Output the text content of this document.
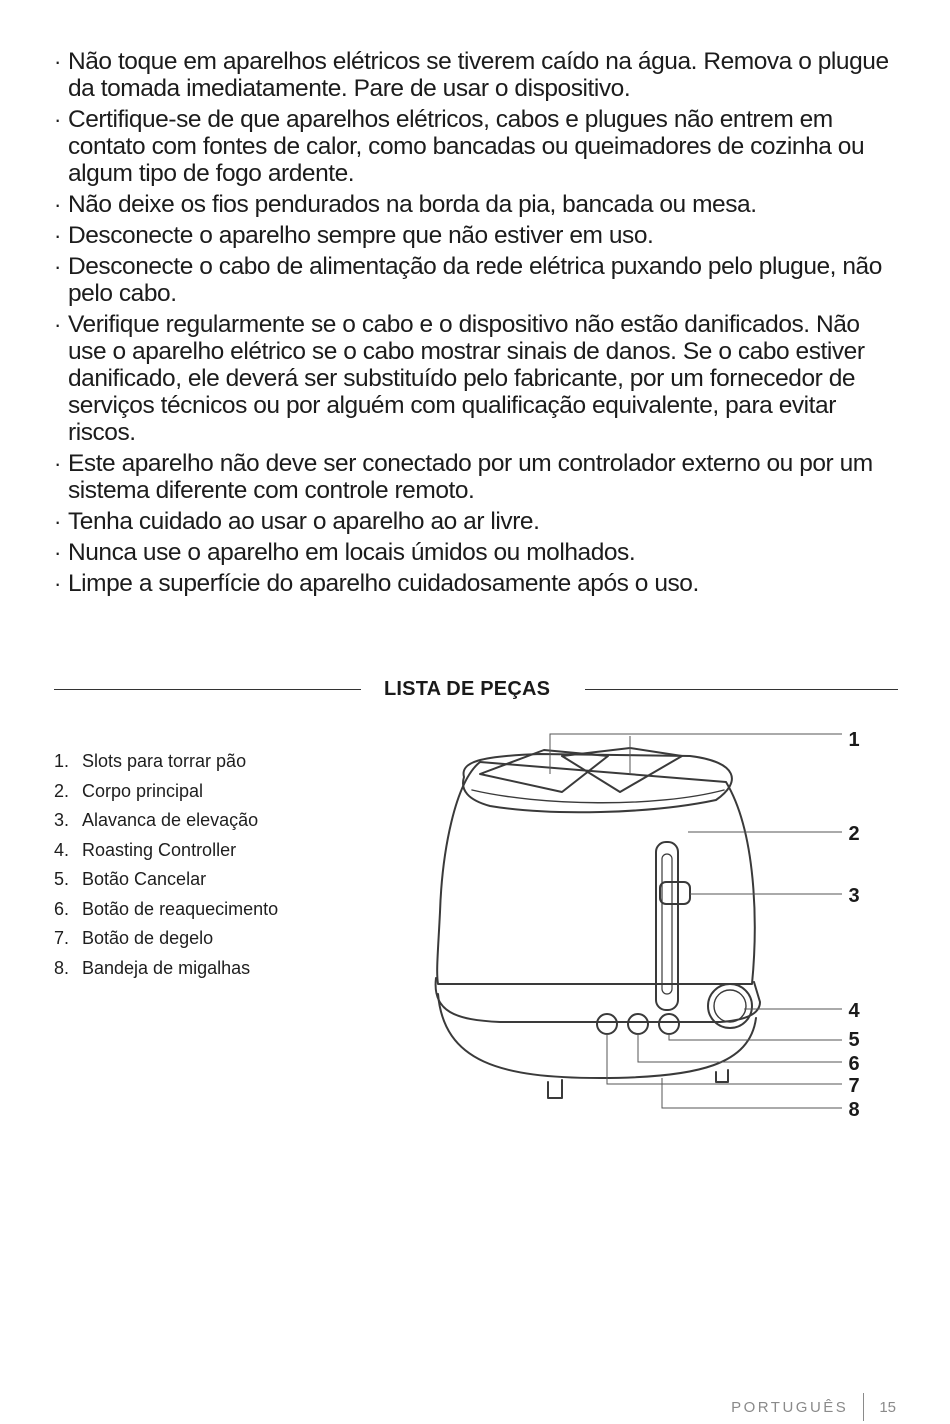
· Não toque em aparelhos elétricos se tiverem caído na água. Remova o plugue da tomada imediatamente. Pare de usar o dispositivo.
· Certifique-se de que aparelhos elétricos, cabos e plugues não entrem em contato com fontes de calor, como bancadas ou queimadores de cozinha ou algum tipo de fogo ardente.
· Não deixe os fios pendurados na borda da pia, bancada ou mesa.
· Desconecte o aparelho sempre que não estiver em uso.
· Desconecte o cabo de alimentação da rede elétrica puxando pelo plugue, não pelo cabo.
· Verifique regularmente se o cabo e o dispositivo não estão danificados. Não use o aparelho elétrico se o cabo mostrar sinais de danos. Se o cabo estiver danificado, ele deverá ser substituído pelo fabricante, por um fornecedor de serviços técnicos ou por alguém com qualificação equivalente, para evitar riscos.
· Este aparelho não deve ser conectado por um controlador externo ou por um sistema diferente com controle remoto.
· Tenha cuidado ao usar o aparelho ao ar livre.
· Nunca use o aparelho em locais úmidos ou molhados.
· Limpe a superfície do aparelho cuidadosamente após o uso.
LISTA DE PEÇAS
1. Slots para torrar pão
2. Corpo principal
3. Alavanca de elevação
4. Roasting Controller
5. Botão Cancelar
6. Botão de reaquecimento
7. Botão de degelo
8. Bandeja de migalhas
1
2
3
4
5
6
7
8
PORTUGUÊS 15
